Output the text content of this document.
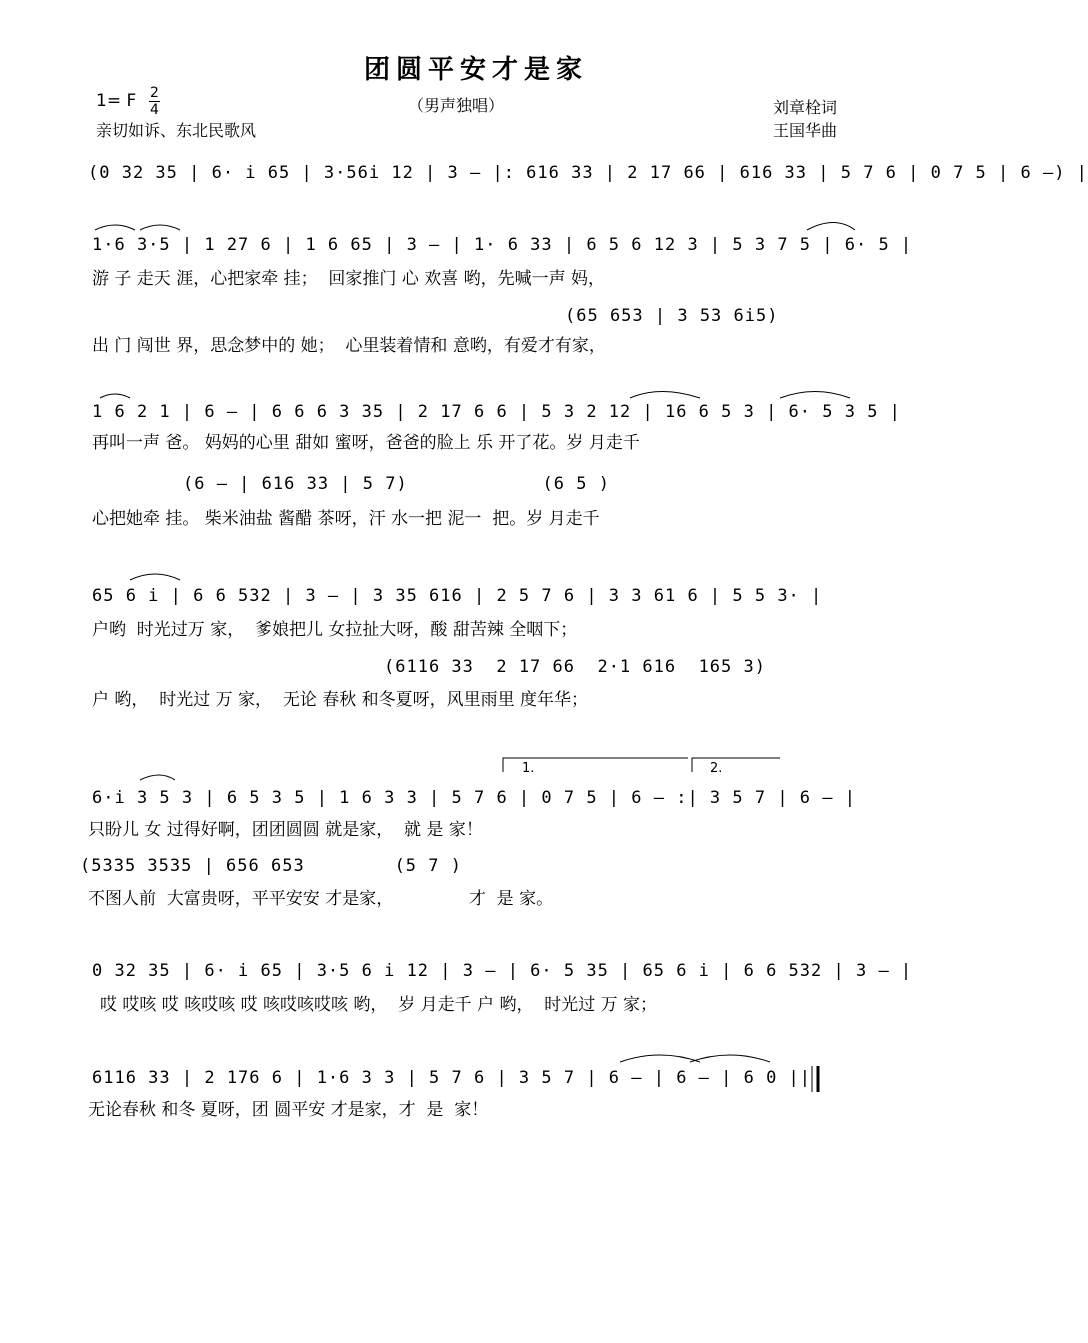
团圆平安才是家
（男声独唱）
1= F 2
4
亲切如诉、东北民歌风
刘章栓词
王国华曲
(0 32 35 | 6· i 65 | 3·56i 12 | 3 — |: 616 33 | 2 17 66 | 616 33 | 5 7 6 | 0 7 5 | 6 —) |
1·6 3·5 | 1 27 6 | 1 6 65 | 3 — | 1· 6 33 | 6 5 6 12 3 | 5 3 7 5 | 6· 5 |
游 子 走天 涯，心把家牵 挂；  回家推门 心 欢喜 哟，先喊一声 妈，
(65 653 | 3 53 6i5)
出 门 闯世 界，思念梦中的 她；  心里装着情和 意哟，有爱才有家，
1 6 2 1 | 6 — | 6 6 6 3 35 | 2 17 6 6 | 5 3 2 12 | 16 6 5 3 | 6· 5 3 5 |
再叫一声 爸。 妈妈的心里 甜如 蜜呀，爸爸的脸上 乐 开了花。岁 月走千
(6 — | 616 33 | 5 7)            (6 5 )
心把她牵 挂。 柴米油盐 酱醋 茶呀，汗 水一把 泥一  把。岁 月走千
65 6 i | 6 6 532 | 3 — | 3 35 616 | 2 5 7 6 | 3 3 61 6 | 5 5 3· |
户哟  时光过万 家，  爹娘把儿 女拉扯大呀，酸 甜苦辣 全咽下；
(6116 33  2 17 66  2·1 616  165 3)
户 哟，  时光过 万 家，  无论 春秋 和冬夏呀，风里雨里 度年华；
1.	2.
6·i 3 5 3 | 6 5 3 5 | 1 6 3 3 | 5 7 6 | 0 7 5 | 6 — :| 3 5 7 | 6 — |
只盼儿 女 过得好啊，团团圆圆 就是家，  就 是 家！
(5335 3535 | 656 653        (5 7 )
不图人前  大富贵呀，平平安安 才是家，              才  是 家。
0 32 35 | 6· i 65 | 3·5 6 i 12 | 3 — | 6· 5 35 | 65 6 i | 6 6 532 | 3 — |
哎 哎咳 哎 咳哎咳 哎 咳哎咳哎咳 哟，  岁 月走千 户 哟，  时光过 万 家；
6116 33 | 2 176 6 | 1·6 3 3 | 5 7 6 | 3 5 7 | 6 — | 6 — | 6 0 ||
无论春秋 和冬 夏呀，团 圆平安 才是家，才  是  家！
